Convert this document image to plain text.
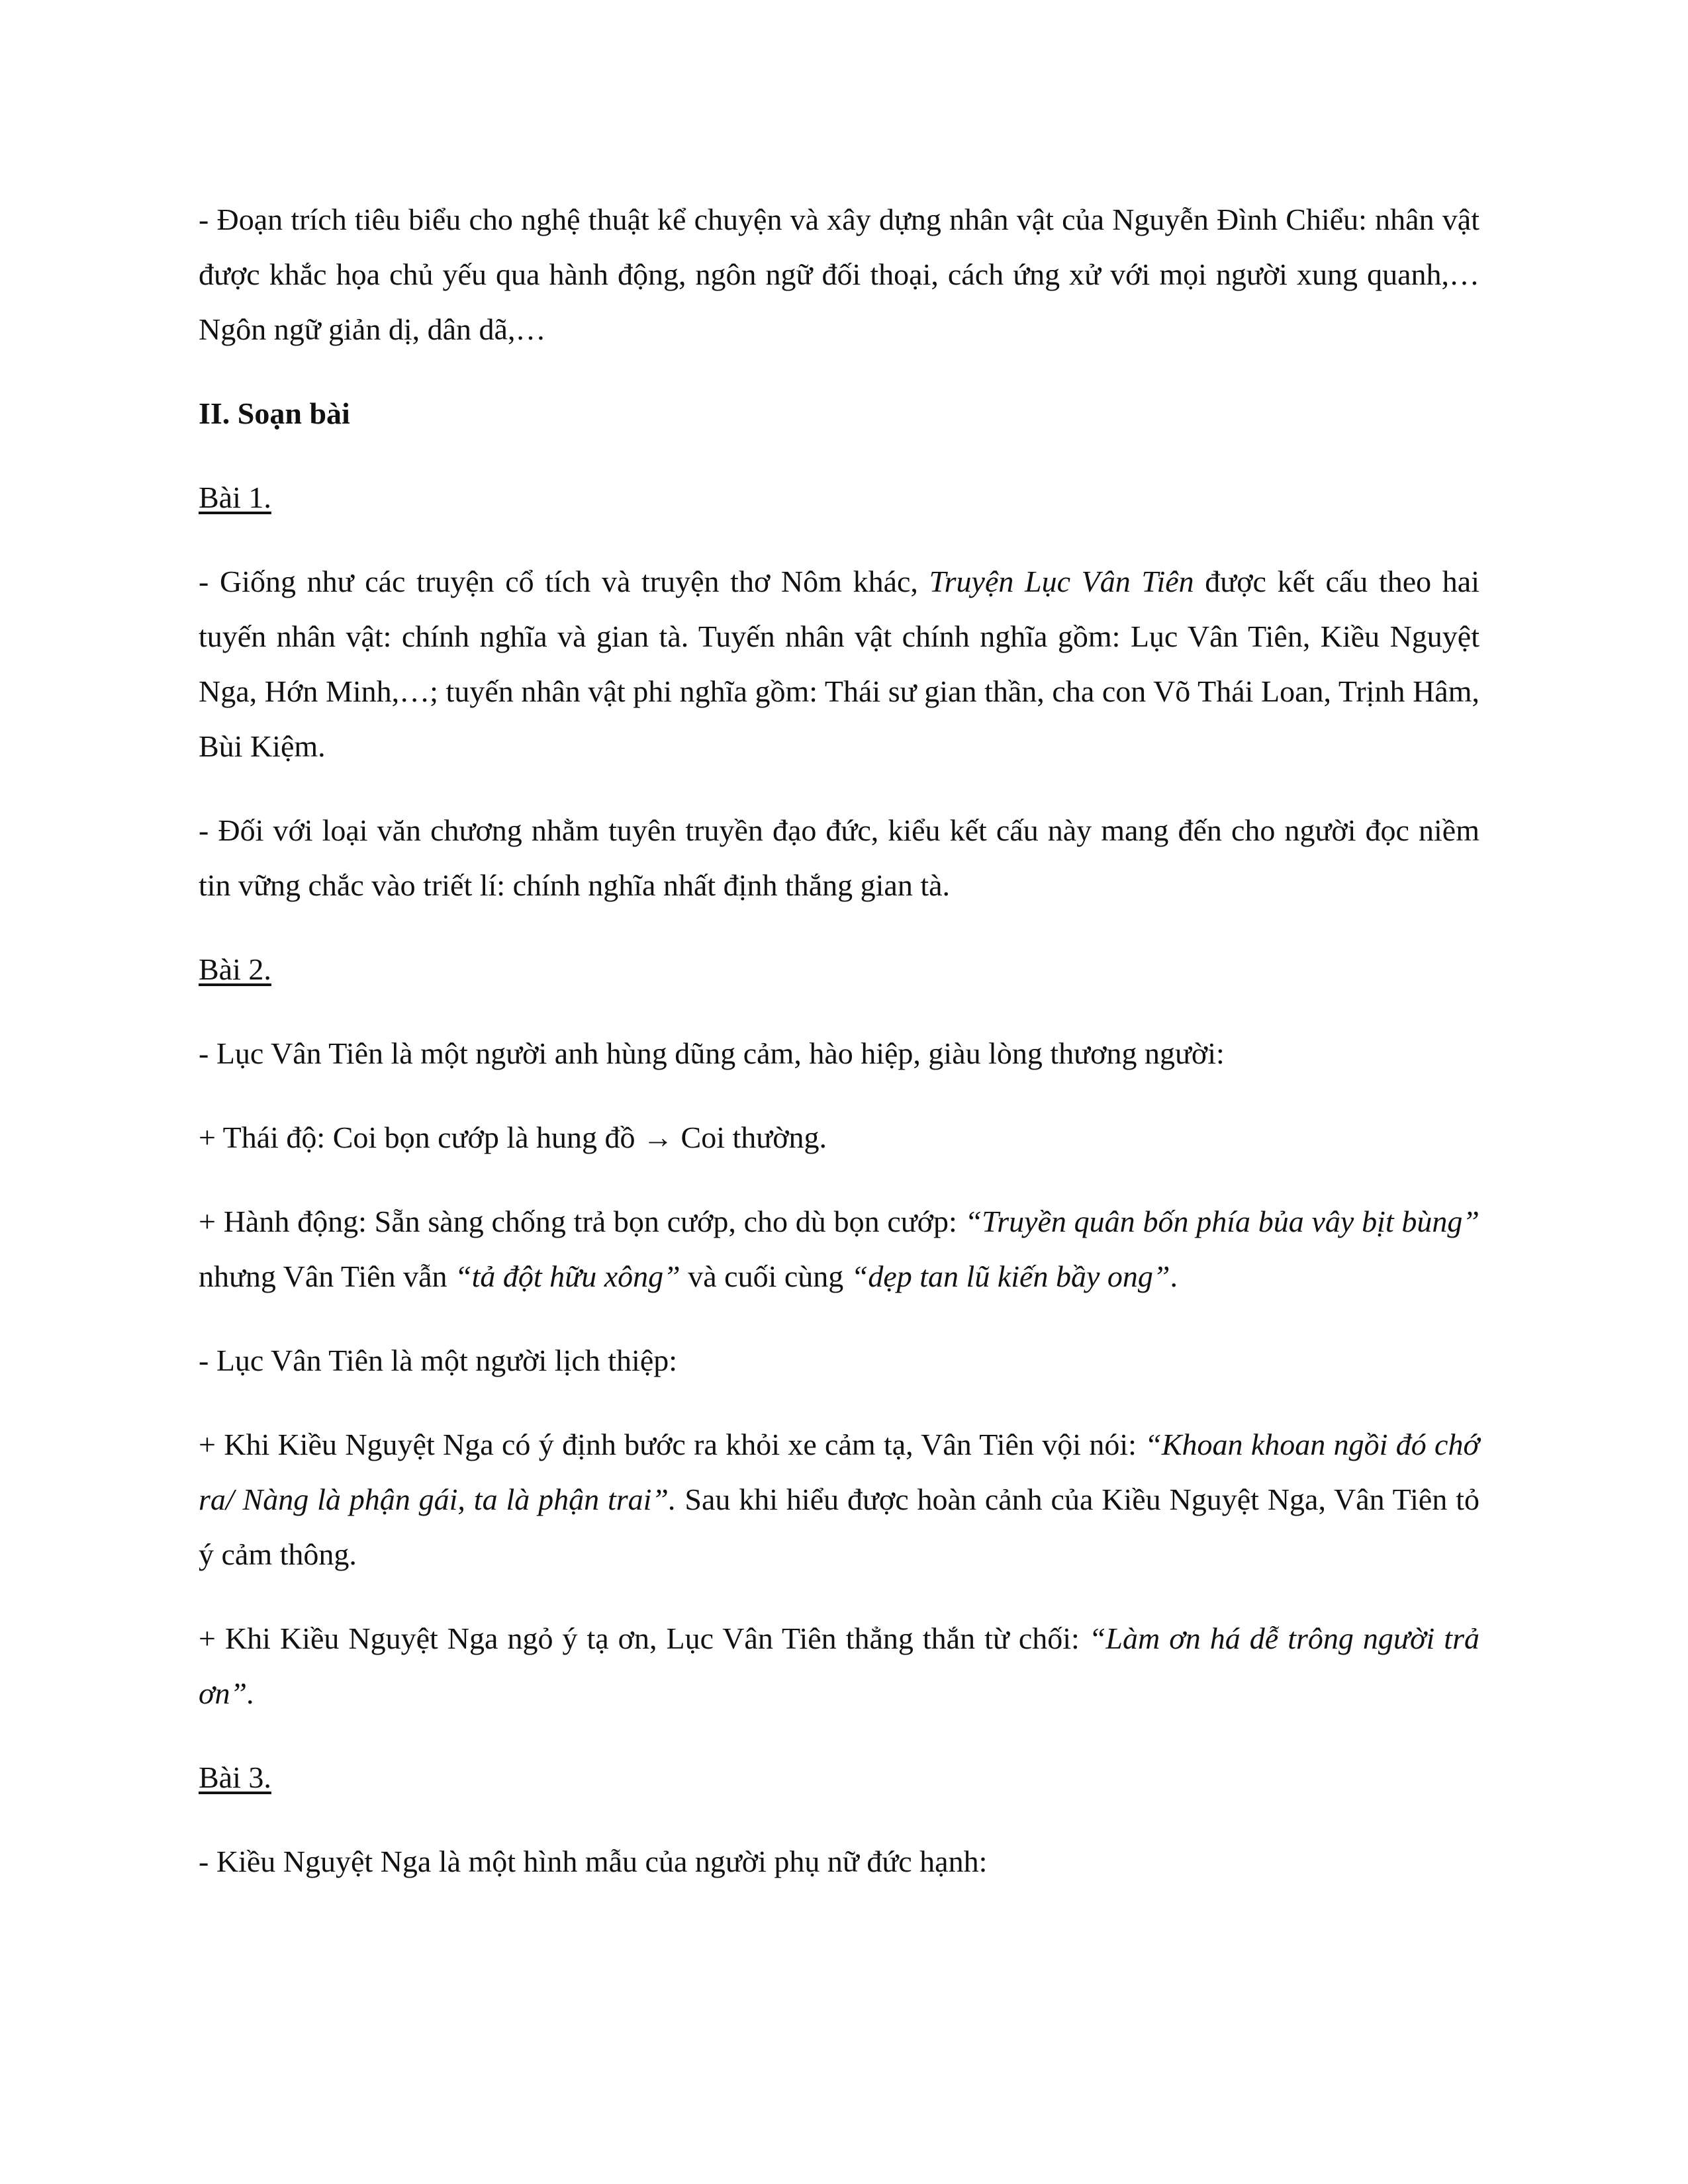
- Đoạn trích tiêu biểu cho nghệ thuật kể chuyện và xây dựng nhân vật của Nguyễn Đình Chiểu: nhân vật được khắc họa chủ yếu qua hành động, ngôn ngữ đối thoại, cách ứng xử với mọi người xung quanh,… Ngôn ngữ giản dị, dân dã,…

II. Soạn bài

Bài 1.

- Giống như các truyện cổ tích và truyện thơ Nôm khác, Truyện Lục Vân Tiên được kết cấu theo hai tuyến nhân vật: chính nghĩa và gian tà. Tuyến nhân vật chính nghĩa gồm: Lục Vân Tiên, Kiều Nguyệt Nga, Hớn Minh,…; tuyến nhân vật phi nghĩa gồm: Thái sư gian thần, cha con Võ Thái Loan, Trịnh Hâm, Bùi Kiệm.

- Đối với loại văn chương nhằm tuyên truyền đạo đức, kiểu kết cấu này mang đến cho người đọc niềm tin vững chắc vào triết lí: chính nghĩa nhất định thắng gian tà.

Bài 2.

- Lục Vân Tiên là một người anh hùng dũng cảm, hào hiệp, giàu lòng thương người:

+ Thái độ: Coi bọn cướp là hung đồ → Coi thường.

+ Hành động: Sẵn sàng chống trả bọn cướp, cho dù bọn cướp: “Truyền quân bốn phía bủa vây bịt bùng” nhưng Vân Tiên vẫn “tả đột hữu xông” và cuối cùng “dẹp tan lũ kiến bầy ong”.

- Lục Vân Tiên là một người lịch thiệp:

+ Khi Kiều Nguyệt Nga có ý định bước ra khỏi xe cảm tạ, Vân Tiên vội nói: “Khoan khoan ngồi đó chớ ra/ Nàng là phận gái, ta là phận trai”. Sau khi hiểu được hoàn cảnh của Kiều Nguyệt Nga, Vân Tiên tỏ ý cảm thông.

+ Khi Kiều Nguyệt Nga ngỏ ý tạ ơn, Lục Vân Tiên thẳng thắn từ chối: “Làm ơn há dễ trông người trả ơn”.

Bài 3.

- Kiều Nguyệt Nga là một hình mẫu của người phụ nữ đức hạnh:
